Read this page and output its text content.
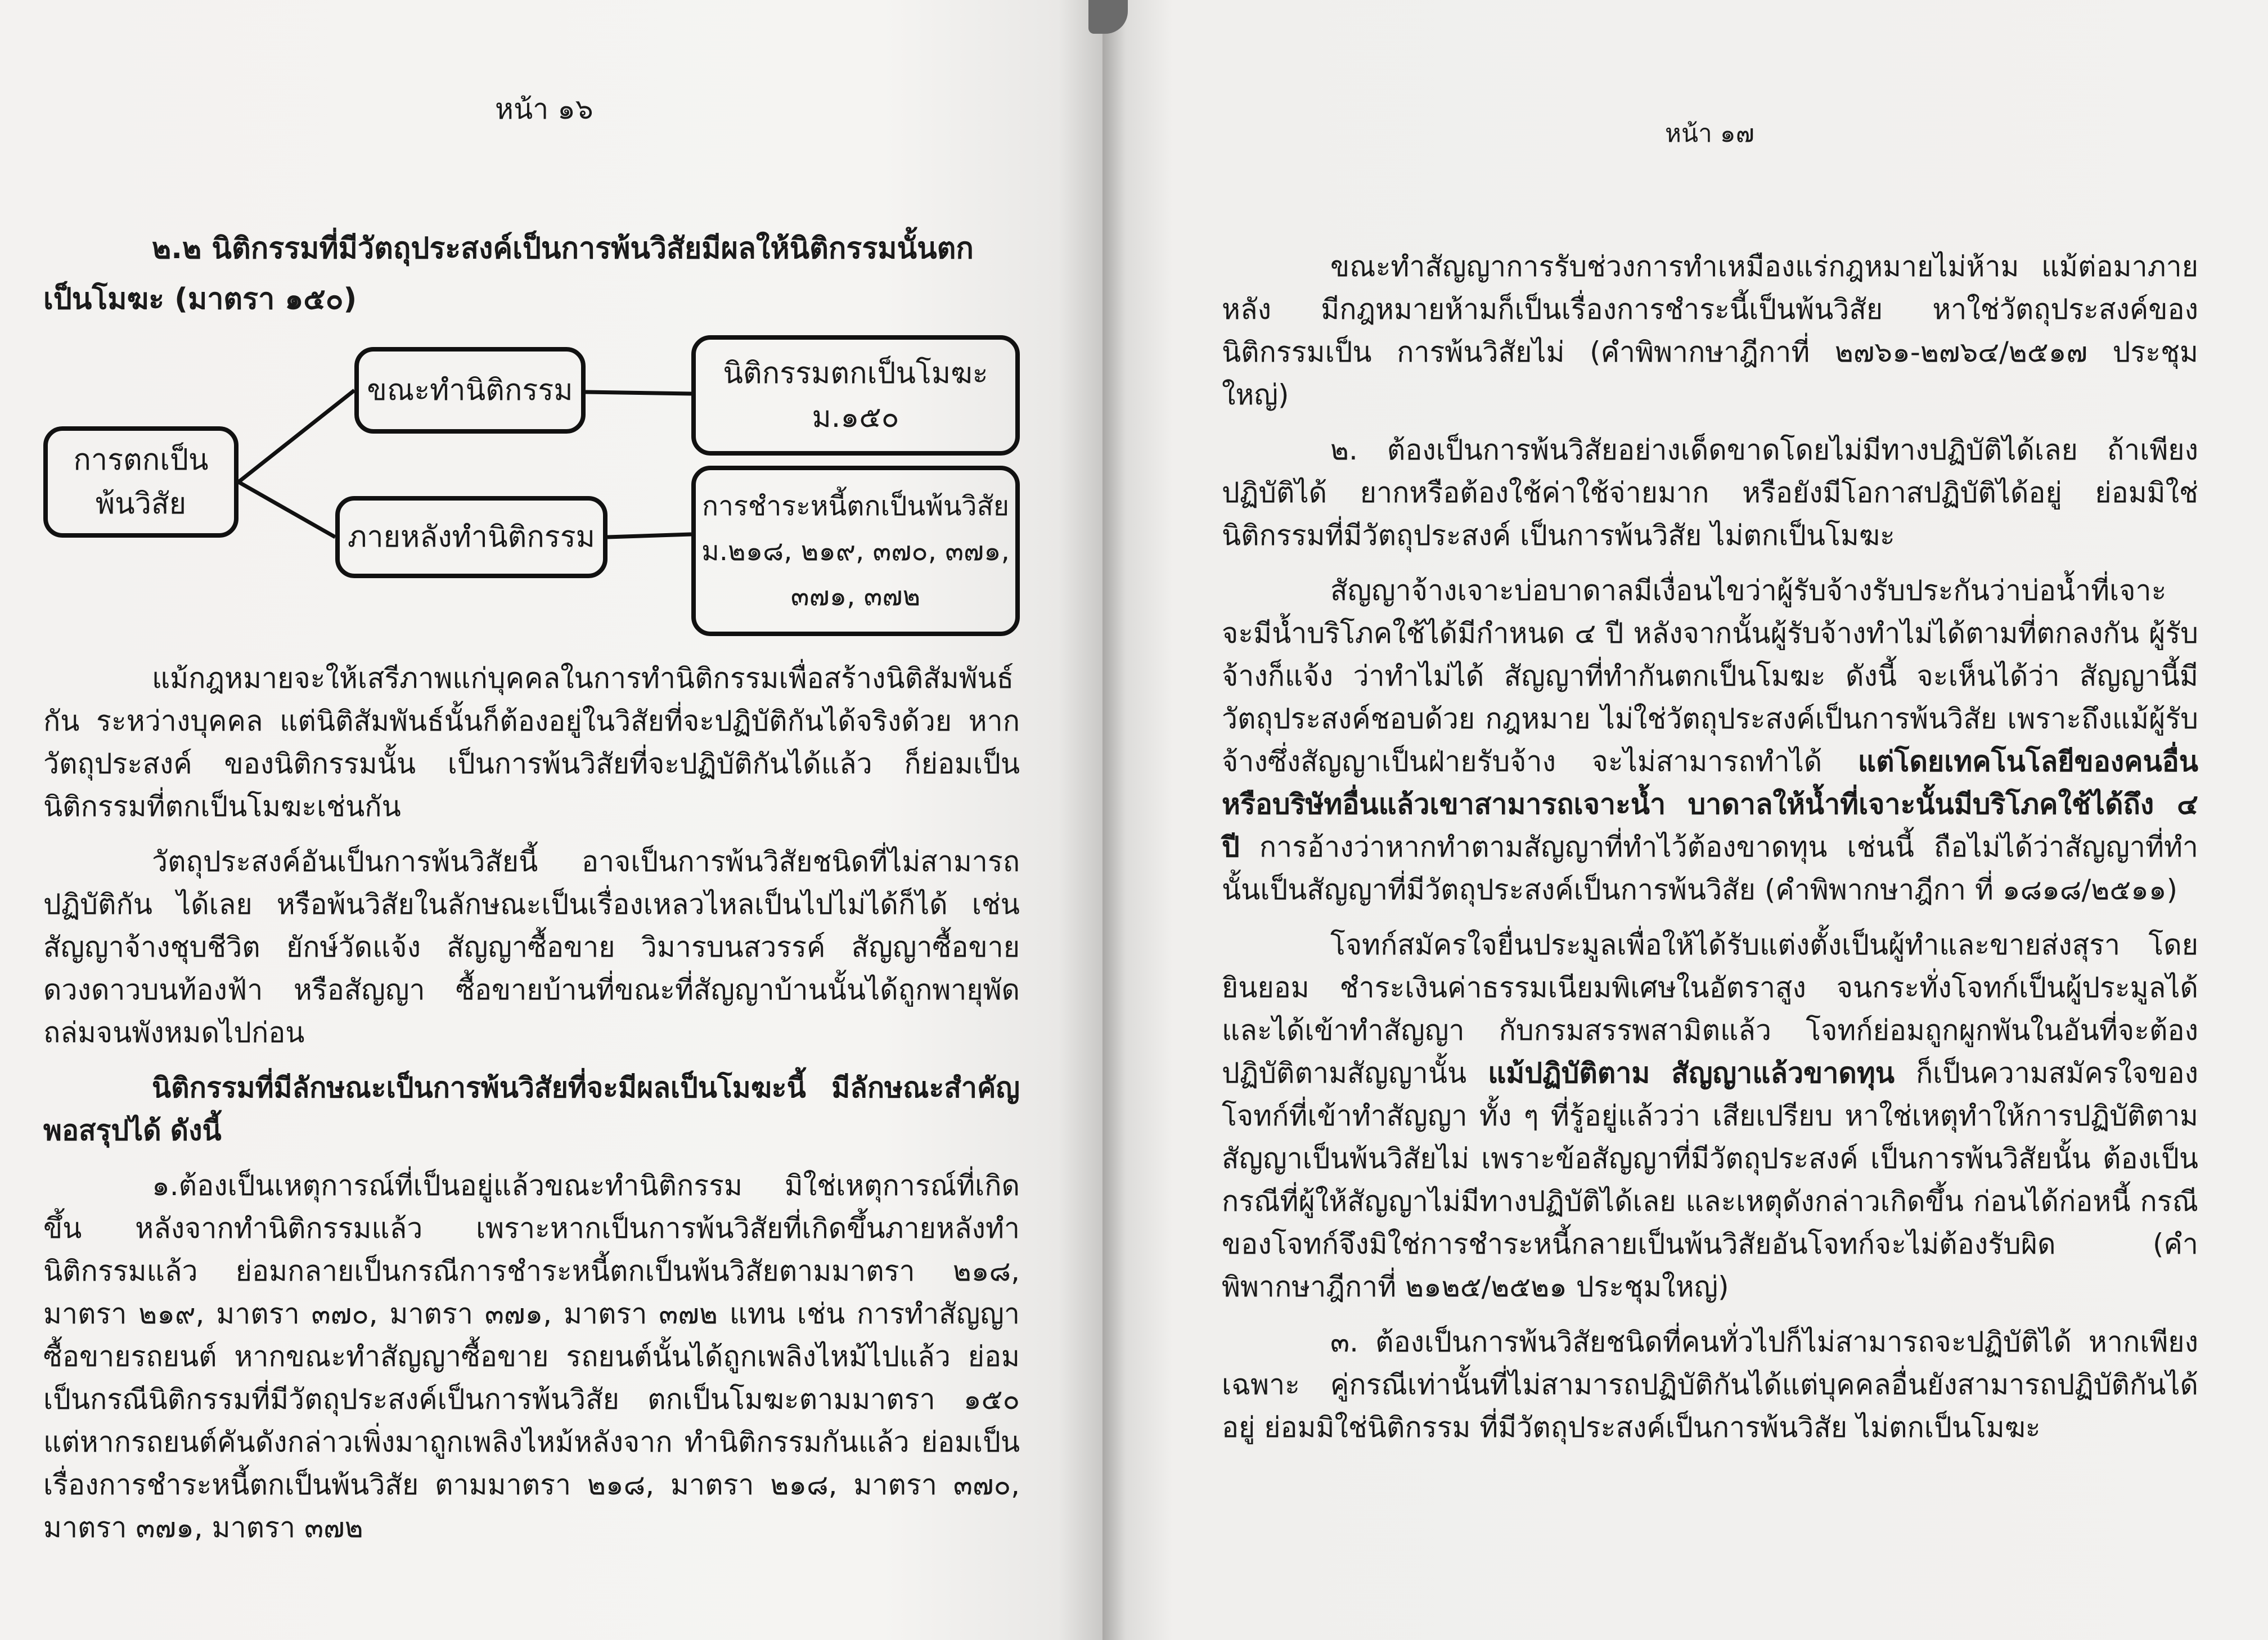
หน้า ๑๖
๒.๒ นิติกรรมที่มีวัตถุประสงค์เป็นการพ้นวิสัยมีผลให้นิติกรรมนั้นตกเป็นโมฆะ (มาตรา ๑๕๐)
การตกเป็น
พ้นวิสัย
ขณะทำนิติกรรม	นิติกรรมตกเป็นโมฆะ
ม.๑๕๐
ภายหลังทำนิติกรรม
การชำระหนี้ตกเป็นพ้นวิสัย
ม.๒๑๘, ๒๑๙, ๓๗๐, ๓๗๑,
๓๗๑, ๓๗๒
แม้กฎหมายจะให้เสรีภาพแก่บุคคลในการทำนิติกรรมเพื่อสร้างนิติสัมพันธ์กัน ระหว่างบุคคล แต่นิติสัมพันธ์นั้นก็ต้องอยู่ในวิสัยที่จะปฏิบัติกันได้จริงด้วย หากวัตถุประสงค์ ของนิติกรรมนั้น เป็นการพ้นวิสัยที่จะปฏิบัติกันได้แล้ว ก็ย่อมเป็นนิติกรรมที่ตกเป็นโมฆะเช่นกัน
วัตถุประสงค์อันเป็นการพ้นวิสัยนี้ อาจเป็นการพ้นวิสัยชนิดที่ไม่สามารถปฏิบัติกัน ได้เลย หรือพ้นวิสัยในลักษณะเป็นเรื่องเหลวไหลเป็นไปไม่ได้ก็ได้ เช่น สัญญาจ้างชุบชีวิต ยักษ์วัดแจ้ง สัญญาซื้อขาย วิมารบนสวรรค์ สัญญาซื้อขายดวงดาวบนท้องฟ้า หรือสัญญา ซื้อขายบ้านที่ขณะที่สัญญาบ้านนั้นได้ถูกพายุพัดถล่มจนพังหมดไปก่อน
นิติกรรมที่มีลักษณะเป็นการพ้นวิสัยที่จะมีผลเป็นโมฆะนี้ มีลักษณะสำคัญพอสรุปได้ ดังนี้
๑.ต้องเป็นเหตุการณ์ที่เป็นอยู่แล้วขณะทำนิติกรรม มิใช่เหตุการณ์ที่เกิดขึ้น หลังจากทำนิติกรรมแล้ว เพราะหากเป็นการพ้นวิสัยที่เกิดขึ้นภายหลังทำนิติกรรมแล้ว ย่อมกลายเป็นกรณีการชำระหนี้ตกเป็นพ้นวิสัยตามมาตรา ๒๑๘, มาตรา ๒๑๙, มาตรา ๓๗๐, มาตรา ๓๗๑, มาตรา ๓๗๒ แทน เช่น การทำสัญญาซื้อขายรถยนต์ หากขณะทำสัญญาซื้อขาย รถยนต์นั้นได้ถูกเพลิงไหม้ไปแล้ว ย่อมเป็นกรณีนิติกรรมที่มีวัตถุประสงค์เป็นการพ้นวิสัย ตกเป็นโมฆะตามมาตรา ๑๕๐ แต่หากรถยนต์คันดังกล่าวเพิ่งมาถูกเพลิงไหม้หลังจาก ทำนิติกรรมกันแล้ว ย่อมเป็นเรื่องการชำระหนี้ตกเป็นพ้นวิสัย ตามมาตรา ๒๑๘, มาตรา ๒๑๘, มาตรา ๓๗๐, มาตรา ๓๗๑, มาตรา ๓๗๒
หน้า ๑๗
ขณะทำสัญญาการรับช่วงการทำเหมืองแร่กฎหมายไม่ห้าม แม้ต่อมาภายหลัง มีกฎหมายห้ามก็เป็นเรื่องการชำระนี้เป็นพ้นวิสัย หาใช่วัตถุประสงค์ของนิติกรรมเป็น การพ้นวิสัยไม่ (คำพิพากษาฎีกาที่ ๒๗๖๑-๒๗๖๔/๒๕๑๗ ประชุมใหญ่)
๒. ต้องเป็นการพ้นวิสัยอย่างเด็ดขาดโดยไม่มีทางปฏิบัติได้เลย ถ้าเพียงปฏิบัติได้ ยากหรือต้องใช้ค่าใช้จ่ายมาก หรือยังมีโอกาสปฏิบัติได้อยู่ ย่อมมิใช่นิติกรรมที่มีวัตถุประสงค์ เป็นการพ้นวิสัย ไม่ตกเป็นโมฆะ
สัญญาจ้างเจาะบ่อบาดาลมีเงื่อนไขว่าผู้รับจ้างรับประกันว่าบ่อน้ำที่เจาะ จะมีน้ำบริโภคใช้ได้มีกำหนด ๔ ปี หลังจากนั้นผู้รับจ้างทำไม่ได้ตามที่ตกลงกัน ผู้รับจ้างก็แจ้ง ว่าทำไม่ได้ สัญญาที่ทำกันตกเป็นโมฆะ ดังนี้ จะเห็นได้ว่า สัญญานี้มีวัตถุประสงค์ชอบด้วย กฎหมาย ไม่ใช่วัตถุประสงค์เป็นการพ้นวิสัย เพราะถึงแม้ผู้รับจ้างซึ่งสัญญาเป็นฝ่ายรับจ้าง จะไม่สามารถทำได้ แต่โดยเทคโนโลยีของคนอื่น หรือบริษัทอื่นแล้วเขาสามารถเจาะน้ำ บาดาลให้น้ำที่เจาะนั้นมีบริโภคใช้ได้ถึง ๔ ปี การอ้างว่าหากทำตามสัญญาที่ทำไว้ต้องขาดทุน เช่นนี้ ถือไม่ได้ว่าสัญญาที่ทำนั้นเป็นสัญญาที่มีวัตถุประสงค์เป็นการพ้นวิสัย (คำพิพากษาฎีกา ที่ ๑๘๑๘/๒๕๑๑)
โจทก์สมัครใจยื่นประมูลเพื่อให้ได้รับแต่งตั้งเป็นผู้ทำและขายส่งสุรา โดยยินยอม ชำระเงินค่าธรรมเนียมพิเศษในอัตราสูง จนกระทั่งโจทก์เป็นผู้ประมูลได้และได้เข้าทำสัญญา กับกรมสรรพสามิตแล้ว โจทก์ย่อมถูกผูกพันในอันที่จะต้องปฏิบัติตามสัญญานั้น แม้ปฏิบัติตาม สัญญาแล้วขาดทุน ก็เป็นความสมัครใจของโจทก์ที่เข้าทำสัญญา ทั้ง ๆ ที่รู้อยู่แล้วว่า เสียเปรียบ หาใช่เหตุทำให้การปฏิบัติตามสัญญาเป็นพ้นวิสัยไม่ เพราะข้อสัญญาที่มีวัตถุประสงค์ เป็นการพ้นวิสัยนั้น ต้องเป็นกรณีที่ผู้ให้สัญญาไม่มีทางปฏิบัติได้เลย และเหตุดังกล่าวเกิดขึ้น ก่อนได้ก่อหนี้ กรณีของโจทก์จึงมิใช่การชำระหนี้กลายเป็นพ้นวิสัยอันโจทก์จะไม่ต้องรับผิด	(คำพิพากษาฎีกาที่ ๒๑๒๕/๒๕๒๑ ประชุมใหญ่)
๓. ต้องเป็นการพ้นวิสัยชนิดที่คนทั่วไปก็ไม่สามารถจะปฏิบัติได้ หากเพียงเฉพาะ คู่กรณีเท่านั้นที่ไม่สามารถปฏิบัติกันได้แต่บุคคลอื่นยังสามารถปฏิบัติกันได้อยู่ ย่อมมิใช่นิติกรรม ที่มีวัตถุประสงค์เป็นการพ้นวิสัย ไม่ตกเป็นโมฆะ
